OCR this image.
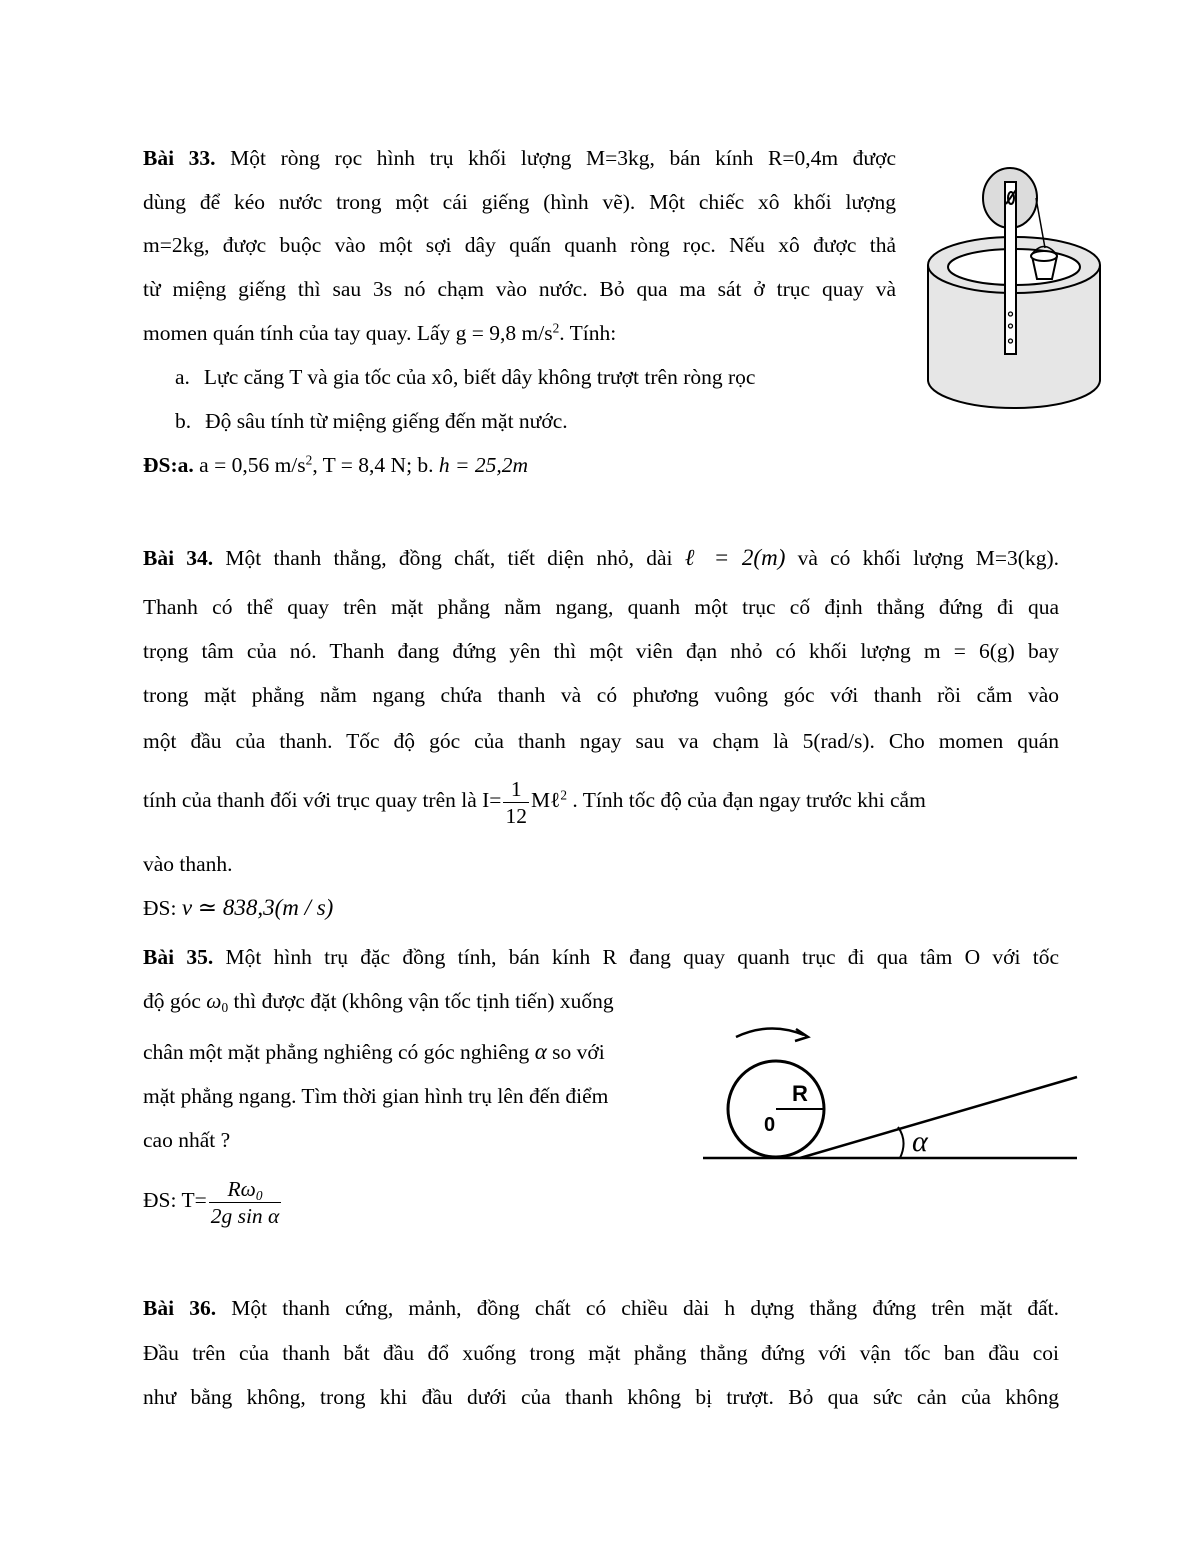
Bài 33. Một ròng rọc hình trụ khối lượng M=3kg, bán kính R=0,4m được
dùng để kéo nước trong một cái giếng (hình vẽ). Một chiếc xô khối lượng
m=2kg, được buộc vào một sợi dây quấn quanh ròng rọc. Nếu xô được thả
từ miệng giếng thì sau 3s nó chạm vào nước. Bỏ qua ma sát ở trục quay và
momen quán tính của tay quay. Lấy g = 9,8 $m/s^2$. Tính:
a. Lực căng T và gia tốc của xô, biết dây không trượt trên ròng rọc
b. Độ sâu tính từ miệng giếng đến mặt nước.
ĐS:a. a = 0,56 $m/s^2$, T = 8,4 N; b. h = 25,2m
Bài 34. Một thanh thẳng, đồng chất, tiết diện nhỏ, dài ℓ = 2(m) và có khối lượng M=3(kg).
Thanh có thể quay trên mặt phẳng nằm ngang, quanh một trục cố định thẳng đứng đi qua
trọng tâm của nó. Thanh đang đứng yên thì một viên đạn nhỏ có khối lượng m = 6(g) bay
trong mặt phẳng nằm ngang chứa thanh và có phương vuông góc với thanh rồi cắm vào
một đầu của thanh. Tốc độ góc của thanh ngay sau va chạm là 5(rad/s). Cho momen quán
tính của thanh đối với trục quay trên là $I= \frac{1}{12}$ Mℓ$^2$ . Tính tốc độ của đạn ngay trước khi cắm
vào thanh.
ĐS: v ≃ 838,3(m / s)
Bài 35. Một hình trụ đặc đồng tính, bán kính R đang quay quanh trục đi qua tâm O với tốc
độ góc $\omega_0$ thì được đặt (không vận tốc tịnh tiến) xuống
chân một mặt phẳng nghiêng có góc nghiêng α so với
mặt phẳng ngang. Tìm thời gian hình trụ lên đến điểm
cao nhất ?
ĐS: $T= \frac{R\omega_0}{\text{2g sin α}}$
R
0	α
Bài 36. Một thanh cứng, mảnh, đồng chất có chiều dài h dựng thẳng đứng trên mặt đất.
Đầu trên của thanh bắt đầu đổ xuống trong mặt phẳng thẳng đứng với vận tốc ban đầu coi
như bằng không, trong khi đầu dưới của thanh không bị trượt. Bỏ qua sức cản của không
